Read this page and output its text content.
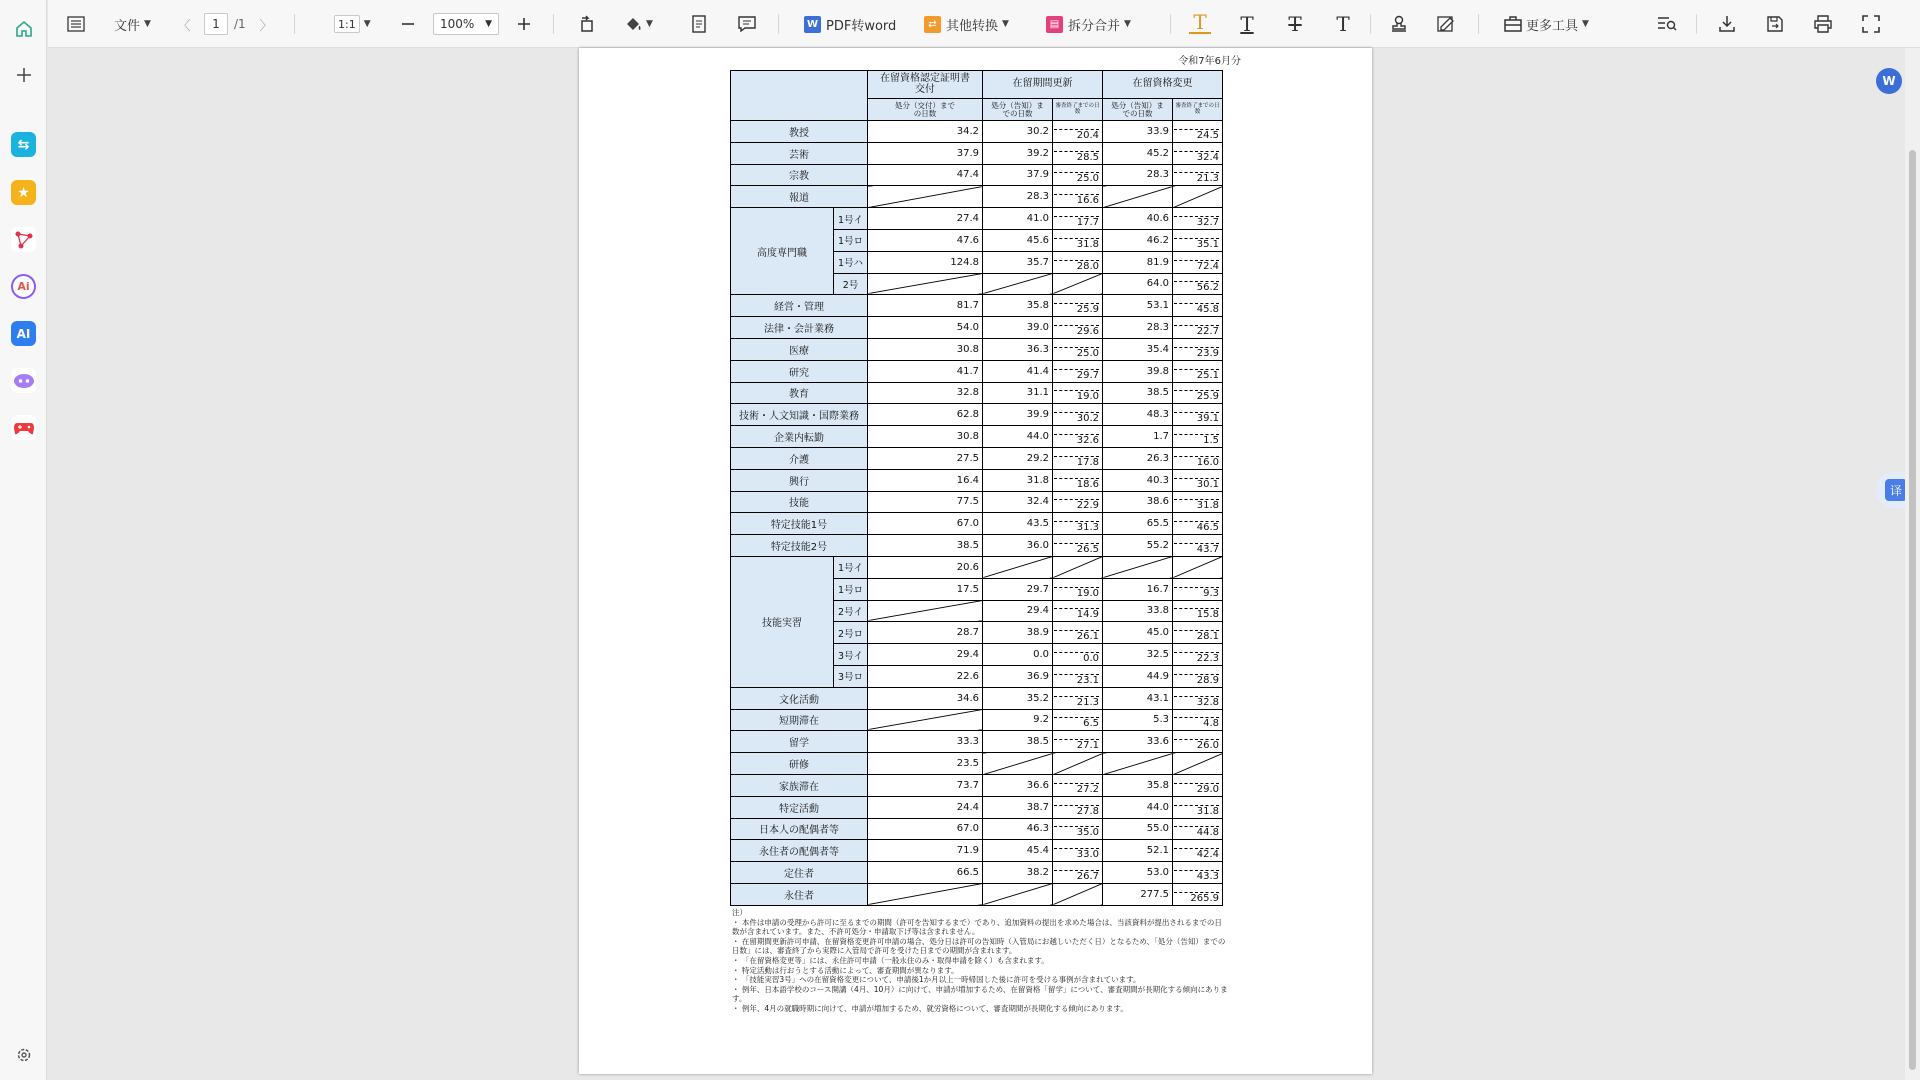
⇆
★
Ai
AI
文件 ▼ 〈	1	/1 〉	1:1 ▼	100% ▼	▼	W PDF转word	⇄ 其他转换 ▼	▤ 拆分合并 ▼	T T T T	更多工具 ▼
令和7年6月分
		在留資格認定証明書交付	在留期間更新		在留資格変更	
		処分（交付）までの日数	処分（告知）までの日数	審査終了までの日数	処分（告知）までの日数	審査終了までの日数
教授		34.2	30.2	20.4	33.9	24.5

芸術		37.9	39.2	28.5	45.2	32.4

宗教		47.4	37.9	25.0	28.3	21.3

報道			28.3	16.6		

高度専門職	1号イ	27.4	41.0	17.7	40.6	32.7

	1号ロ	47.6	45.6	31.8	46.2	35.1

	1号ハ	124.8	35.7	28.0	81.9	72.4

	2号				64.0	56.2

経営・管理		81.7	35.8	25.9	53.1	45.8

法律・会計業務		54.0	39.0	29.6	28.3	22.7

医療		30.8	36.3	25.0	35.4	23.9

研究		41.7	41.4	29.7	39.8	25.1

教育		32.8	31.1	19.0	38.5	25.9

技術・人文知識・国際業務		62.8	39.9	30.2	48.3	39.1

企業内転勤		30.8	44.0	32.6	1.7	1.5

介護		27.5	29.2	17.8	26.3	16.0

興行		16.4	31.8	18.6	40.3	30.1

技能		77.5	32.4	22.9	38.6	31.8

特定技能1号		67.0	43.5	31.3	65.5	46.5

特定技能2号		38.5	36.0	26.5	55.2	43.7

技能実習	1号イ	20.6				
	1号ロ	17.5	29.7	19.0	16.7	9.3

	2号イ		29.4	14.9	33.8	15.8

	2号ロ	28.7	38.9	26.1	45.0	28.1

	3号イ	29.4	0.0	0.0	32.5	22.3

	3号ロ	22.6	36.9	23.1	44.9	28.9

文化活動		34.6	35.2	21.3	43.1	32.8

短期滞在			9.2	6.5	5.3	4.8

留学		33.3	38.5	27.1	33.6	26.0

研修		23.5				
家族滞在		73.7	36.6	27.2	35.8	29.0

特定活動		24.4	38.7	27.8	44.0	31.8

日本人の配偶者等		67.0	46.3	35.0	55.0	44.8

永住者の配偶者等		71.9	45.4	33.0	52.1	42.4

定住者		66.5	38.2	26.7	53.0	43.3

永住者					277.5	265.9
注）
・ 本件は申請の受理から許可に至るまでの期間（許可を告知するまで）であり、追加資料の提出を求めた場合は、当該資料が提出されるまでの日数が含まれています。また、不許可処分・申請取下げ等は含まれません。
・ 在留期間更新許可申請、在留資格変更許可申請の場合、処分日は許可の告知時（入管局にお越しいただく日）となるため、「処分（告知）までの日数」には、審査終了から実際に入管局で許可を受けた日までの期間が含まれます。
・ 「在留資格変更等」には、永住許可申請（一般永住のみ・取得申請を除く）も含まれます。
・ 特定活動は行おうとする活動によって、審査期間が異なります。
・ 「技能実習3号」への在留資格変更について、申請後1か月以上一時帰国した後に許可を受ける事例が含まれています。
・ 例年、日本語学校のコース開講（4月、10月）に向けて、申請が増加するため、在留資格「留学」について、審査期間が長期化する傾向にあります。
・ 例年、4月の就職時期に向けて、申請が増加するため、就労資格について、審査期間が長期化する傾向にあります。
W
译
